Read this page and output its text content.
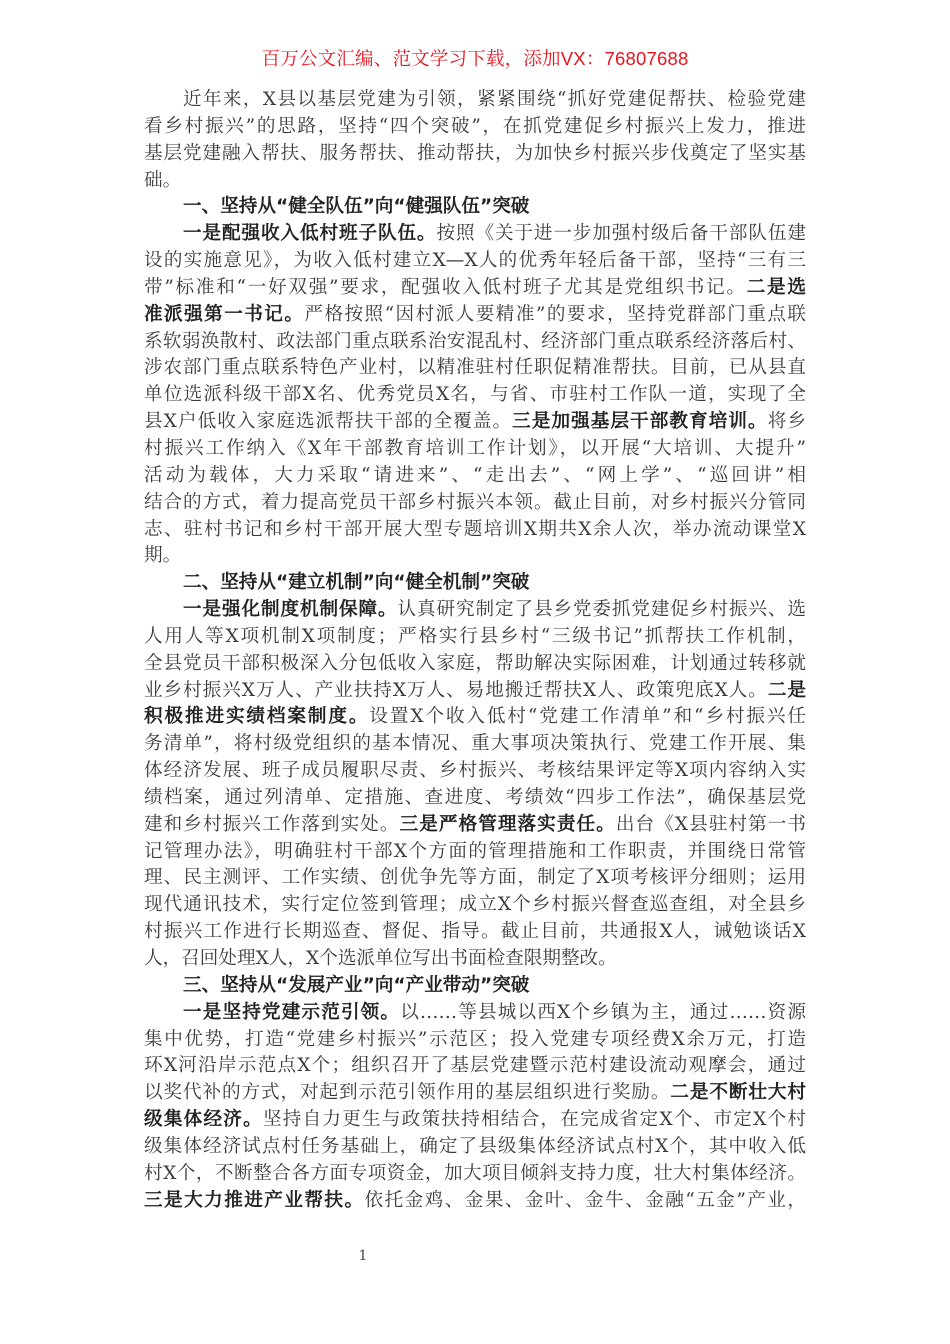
百万公文汇编、范文学习下载，添加VX：76807688
近年来，X县以基层党建为引领，紧紧围绕“抓好党建促帮扶、检验党建
看乡村振兴”的思路，坚持“四个突破”，在抓党建促乡村振兴上发力，推进
基层党建融入帮扶、服务帮扶、推动帮扶，为加快乡村振兴步伐奠定了坚实基
础。
一、坚持从“健全队伍”向“健强队伍”突破
一是配强收入低村班子队伍。按照《关于进一步加强村级后备干部队伍建
设的实施意见》，为收入低村建立X—X人的优秀年轻后备干部，坚持“三有三
带”标准和“一好双强”要求，配强收入低村班子尤其是党组织书记。二是选
准派强第一书记。严格按照“因村派人要精准”的要求，坚持党群部门重点联
系软弱涣散村、政法部门重点联系治安混乱村、经济部门重点联系经济落后村、
涉农部门重点联系特色产业村，以精准驻村任职促精准帮扶。目前，已从县直
单位选派科级干部X名、优秀党员X名，与省、市驻村工作队一道，实现了全
县X户低收入家庭选派帮扶干部的全覆盖。三是加强基层干部教育培训。将乡
村振兴工作纳入《X年干部教育培训工作计划》，以开展“大培训、大提升”
活动为载体，大力采取“请进来”、“走出去”、“网上学”、“巡回讲”相
结合的方式，着力提高党员干部乡村振兴本领。截止目前，对乡村振兴分管同
志、驻村书记和乡村干部开展大型专题培训X期共X余人次，举办流动课堂X
期。
二、坚持从“建立机制”向“健全机制”突破
一是强化制度机制保障。认真研究制定了县乡党委抓党建促乡村振兴、选
人用人等X项机制X项制度；严格实行县乡村“三级书记”抓帮扶工作机制，
全县党员干部积极深入分包低收入家庭，帮助解决实际困难，计划通过转移就
业乡村振兴X万人、产业扶持X万人、易地搬迁帮扶X人、政策兜底X人。二是
积极推进实绩档案制度。设置X个收入低村“党建工作清单”和“乡村振兴任
务清单”，将村级党组织的基本情况、重大事项决策执行、党建工作开展、集
体经济发展、班子成员履职尽责、乡村振兴、考核结果评定等X项内容纳入实
绩档案，通过列清单、定措施、查进度、考绩效“四步工作法”，确保基层党
建和乡村振兴工作落到实处。三是严格管理落实责任。出台《X县驻村第一书
记管理办法》，明确驻村干部X个方面的管理措施和工作职责，并围绕日常管
理、民主测评、工作实绩、创优争先等方面，制定了X项考核评分细则；运用
现代通讯技术，实行定位签到管理；成立X个乡村振兴督查巡查组，对全县乡
村振兴工作进行长期巡查、督促、指导。截止目前，共通报X人，诫勉谈话X
人，召回处理X人，X个选派单位写出书面检查限期整改。
三、坚持从“发展产业”向“产业带动”突破
一是坚持党建示范引领。以……等县城以西X个乡镇为主，通过……资源
集中优势，打造“党建乡村振兴”示范区；投入党建专项经费X余万元，打造
环X河沿岸示范点X个；组织召开了基层党建暨示范村建设流动观摩会，通过
以奖代补的方式，对起到示范引领作用的基层组织进行奖励。二是不断壮大村
级集体经济。坚持自力更生与政策扶持相结合，在完成省定X个、市定X个村
级集体经济试点村任务基础上，确定了县级集体经济试点村X个，其中收入低
村X个，不断整合各方面专项资金，加大项目倾斜支持力度，壮大村集体经济。
三是大力推进产业帮扶。依托金鸡、金果、金叶、金牛、金融“五金”产业，
1
